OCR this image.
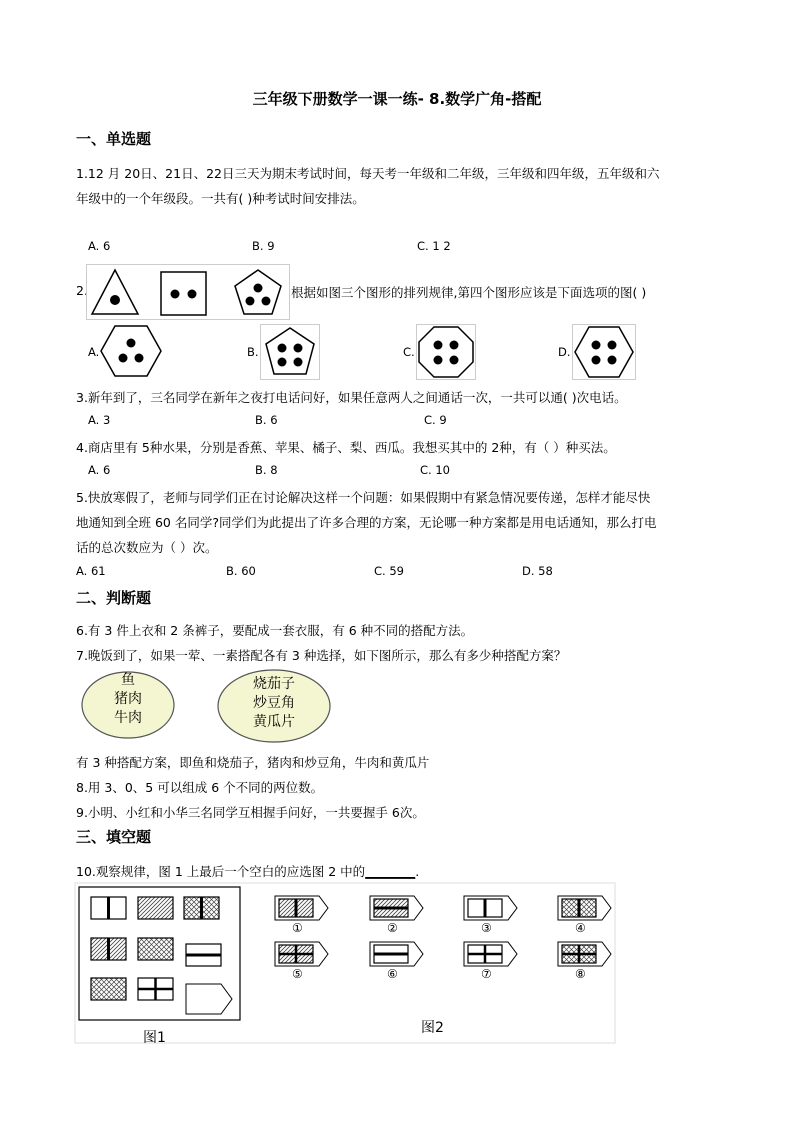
三年级下册数学一课一练- 8.数学广角-搭配
一、单选题
1.12 月 20日、21日、22日三天为期末考试时间，每天考一年级和二年级，三年级和四年级，五年级和六
年级中的一个年级段。一共有( )种考试时间安排法。
A. 6	B. 9	C. 1 2
2.	根据如图三个图形的排列规律,第四个图形应该是下面选项的图( )
A.	B.	C.	D.
3.新年到了，三名同学在新年之夜打电话问好，如果任意两人之间通话一次，一共可以通( )次电话。
A. 3	B. 6	C. 9
4.商店里有 5种水果，分别是香蕉、苹果、橘子、梨、西瓜。我想买其中的 2种，有（ ）种买法。
A. 6	B. 8	C. 10
5.快放寒假了，老师与同学们正在讨论解决这样一个问题：如果假期中有紧急情况要传递，怎样才能尽快
地通知到全班 60 名同学?同学们为此提出了许多合理的方案，无论哪一种方案都是用电话通知，那么打电
话的总次数应为（ ）次。
A. 61	B. 60	C. 59	D. 58
二、判断题
6.有 3 件上衣和 2 条裤子，要配成一套衣服，有 6 种不同的搭配方法。
7.晚饭到了，如果一荤、一素搭配各有 3 种选择，如下图所示，那么有多少种搭配方案？
鱼
猪肉
牛肉
烧茄子
炒豆角
黄瓜片
有 3 种搭配方案，即鱼和烧茄子，猪肉和炒豆角，牛肉和黄瓜片
8.用 3、0、5 可以组成 6 个不同的两位数。
9.小明、小红和小华三名同学互相握手问好，一共要握手 6次。
三、填空题
10.观察规律，图 1 上最后一个空白的应选图 2 中的________.
①	②	③	④
⑤	⑥	⑦	⑧
图1
图2
